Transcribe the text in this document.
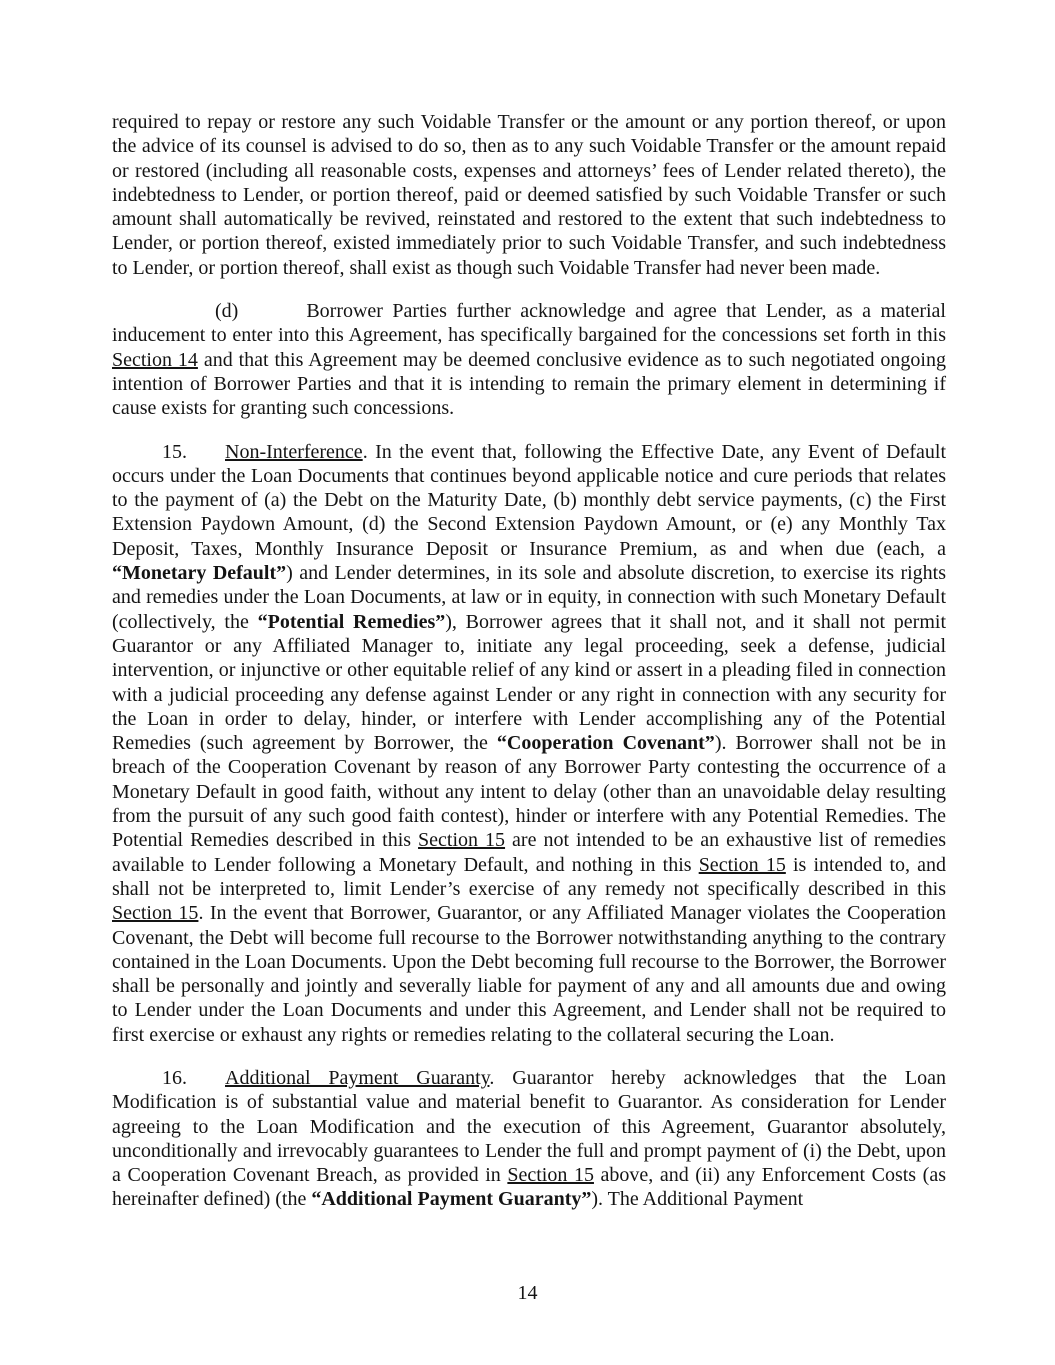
required to repay or restore any such Voidable Transfer or the amount or any portion thereof, or upon the advice of its counsel is advised to do so, then as to any such Voidable Transfer or the amount repaid or restored (including all reasonable costs, expenses and attorneys’ fees of Lender related thereto), the indebtedness to Lender, or portion thereof, paid or deemed satisfied by such Voidable Transfer or such amount shall automatically be revived, reinstated and restored to the extent that such indebtedness to Lender, or portion thereof, existed immediately prior to such Voidable Transfer, and such indebtedness to Lender, or portion thereof, shall exist as though such Voidable Transfer had never been made.

(d)	Borrower Parties further acknowledge and agree that Lender, as a material inducement to enter into this Agreement, has specifically bargained for the concessions set forth in this Section 14 and that this Agreement may be deemed conclusive evidence as to such negotiated ongoing intention of Borrower Parties and that it is intending to remain the primary element in determining if cause exists for granting such concessions.

15. Non-Interference. In the event that, following the Effective Date, any Event of Default occurs under the Loan Documents that continues beyond applicable notice and cure periods that relates to the payment of (a) the Debt on the Maturity Date, (b) monthly debt service payments, (c) the First Extension Paydown Amount, (d) the Second Extension Paydown Amount, or (e) any Monthly Tax Deposit, Taxes, Monthly Insurance Deposit or Insurance Premium, as and when due (each, a “Monetary Default”) and Lender determines, in its sole and absolute discretion, to exercise its rights and remedies under the Loan Documents, at law or in equity, in connection with such Monetary Default (collectively, the “Potential Remedies”), Borrower agrees that it shall not, and it shall not permit Guarantor or any Affiliated Manager to, initiate any legal proceeding, seek a defense, judicial intervention, or injunctive or other equitable relief of any kind or assert in a pleading filed in connection with a judicial proceeding any defense against Lender or any right in connection with any security for the Loan in order to delay, hinder, or interfere with Lender accomplishing any of the Potential Remedies (such agreement by Borrower, the “Cooperation Covenant”). Borrower shall not be in breach of the Cooperation Covenant by reason of any Borrower Party contesting the occurrence of a Monetary Default in good faith, without any intent to delay (other than an unavoidable delay resulting from the pursuit of any such good faith contest), hinder or interfere with any Potential Remedies. The Potential Remedies described in this Section 15 are not intended to be an exhaustive list of remedies available to Lender following a Monetary Default, and nothing in this Section 15 is intended to, and shall not be interpreted to, limit Lender’s exercise of any remedy not specifically described in this Section 15. In the event that Borrower, Guarantor, or any Affiliated Manager violates the Cooperation Covenant, the Debt will become full recourse to the Borrower notwithstanding anything to the contrary contained in the Loan Documents. Upon the Debt becoming full recourse to the Borrower, the Borrower shall be personally and jointly and severally liable for payment of any and all amounts due and owing to Lender under the Loan Documents and under this Agreement, and Lender shall not be required to first exercise or exhaust any rights or remedies relating to the collateral securing the Loan.

16. Additional Payment Guaranty. Guarantor hereby acknowledges that the Loan Modification is of substantial value and material benefit to Guarantor. As consideration for Lender agreeing to the Loan Modification and the execution of this Agreement, Guarantor absolutely, unconditionally and irrevocably guarantees to Lender the full and prompt payment of (i) the Debt, upon a Cooperation Covenant Breach, as provided in Section 15 above, and (ii) any Enforcement Costs (as hereinafter defined) (the “Additional Payment Guaranty”). The Additional Payment

14
